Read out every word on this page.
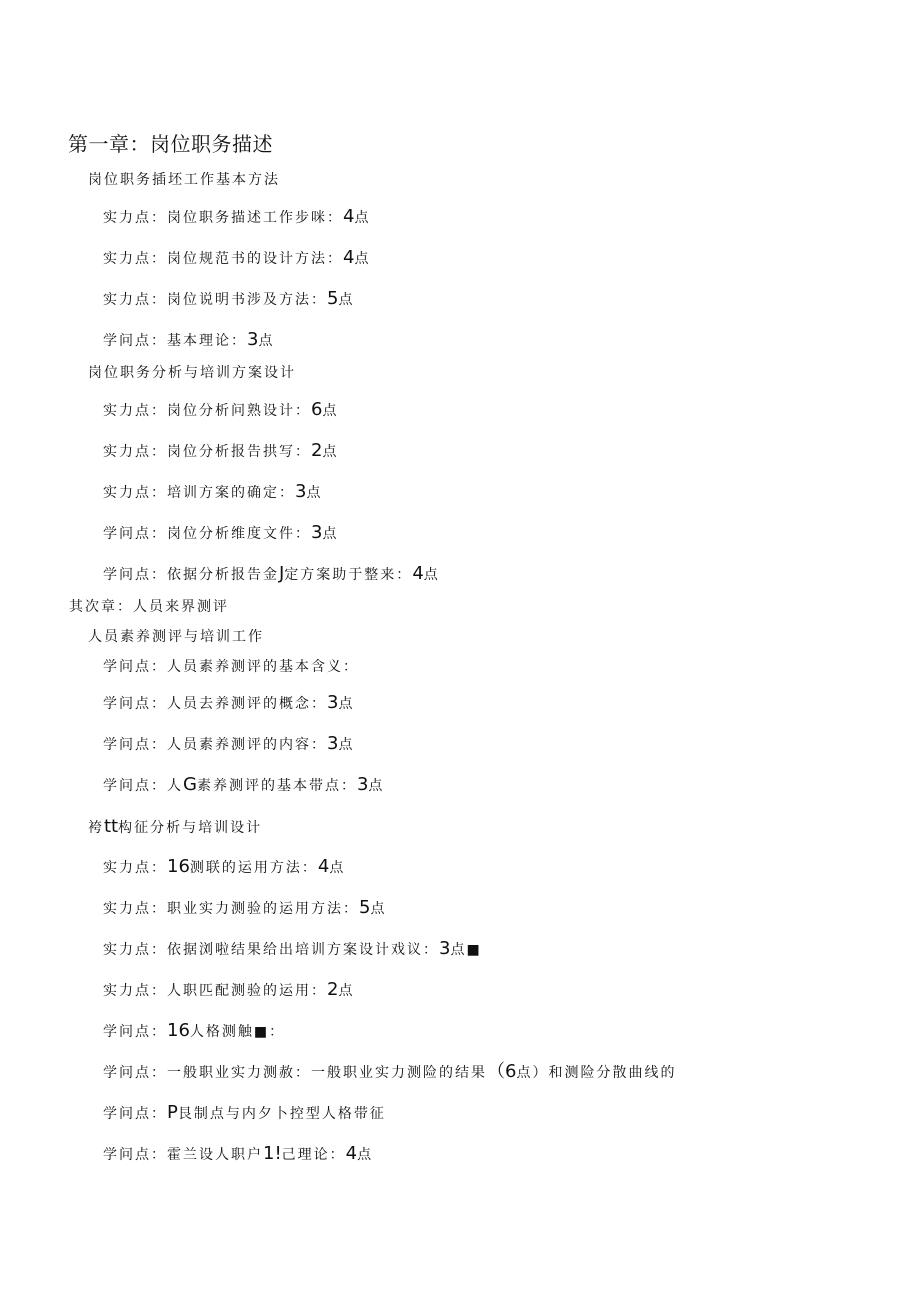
第一章：岗位职务描述
岗位职务插坯工作基本方法
实力点：岗位职务描述工作步咪：4点
实力点：岗位规范书的设计方法：4点
实力点：岗位说明书涉及方法：5点
学问点：基本理论：3点
岗位职务分析与培训方案设计
实力点：岗位分析问熟设计：6点
实力点：岗位分析报告拱写：2点
实力点：培训方案的确定：3点
学问点：岗位分析维度文件：3点
学问点：依据分析报告金J定方案助于整来：4点
其次章：人员来界测评
人员素养测评与培训工作
学问点：人员素养测评的基本含义：
学问点：人员去养测评的概念：3点
学问点：人员素养测评的内容：3点
学问点：人G素养测评的基本带点：3点
袴tt构征分析与培训设计
实力点：16测联的运用方法：4点
实力点：职业实力测验的运用方法：5点
实力点：依据浏啦结果给出培训方案设计戏议：3点■
实力点：人职匹配测验的运用：2点
学问点：16人格测触■：
学问点：一般职业实力测赦：一般职业实力测险的结果（6点）和测险分散曲线的
学问点：P艮制点与内夕卜控型人格带征
学问点：霍兰设人职户1!己理论：4点
